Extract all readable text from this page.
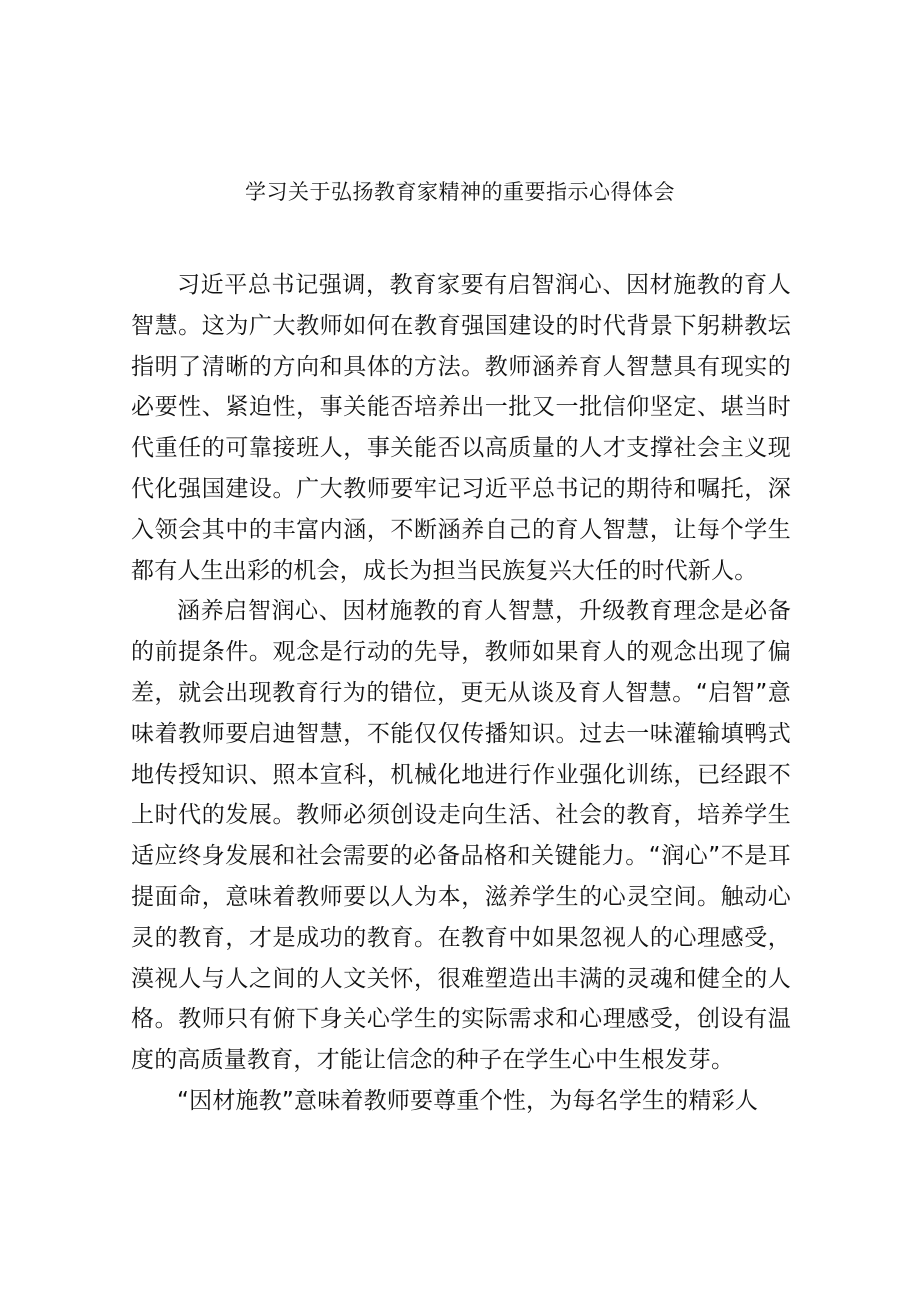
学习关于弘扬教育家精神的重要指示心得体会

习近平总书记强调，教育家要有启智润心、因材施教的育人智慧。这为广大教师如何在教育强国建设的时代背景下躬耕教坛指明了清晰的方向和具体的方法。教师涵养育人智慧具有现实的必要性、紧迫性，事关能否培养出一批又一批信仰坚定、堪当时代重任的可靠接班人，事关能否以高质量的人才支撑社会主义现代化强国建设。广大教师要牢记习近平总书记的期待和嘱托，深入领会其中的丰富内涵，不断涵养自己的育人智慧，让每个学生都有人生出彩的机会，成长为担当民族复兴大任的时代新人。

涵养启智润心、因材施教的育人智慧，升级教育理念是必备的前提条件。观念是行动的先导，教师如果育人的观念出现了偏差，就会出现教育行为的错位，更无从谈及育人智慧。“启智”意味着教师要启迪智慧，不能仅仅传播知识。过去一味灌输填鸭式地传授知识、照本宣科，机械化地进行作业强化训练，已经跟不上时代的发展。教师必须创设走向生活、社会的教育，培养学生适应终身发展和社会需要的必备品格和关键能力。“润心”不是耳提面命，意味着教师要以人为本，滋养学生的心灵空间。触动心灵的教育，才是成功的教育。在教育中如果忽视人的心理感受，漠视人与人之间的人文关怀，很难塑造出丰满的灵魂和健全的人格。教师只有俯下身关心学生的实际需求和心理感受，创设有温度的高质量教育，才能让信念的种子在学生心中生根发芽。

“因材施教”意味着教师要尊重个性，为每名学生的精彩人
